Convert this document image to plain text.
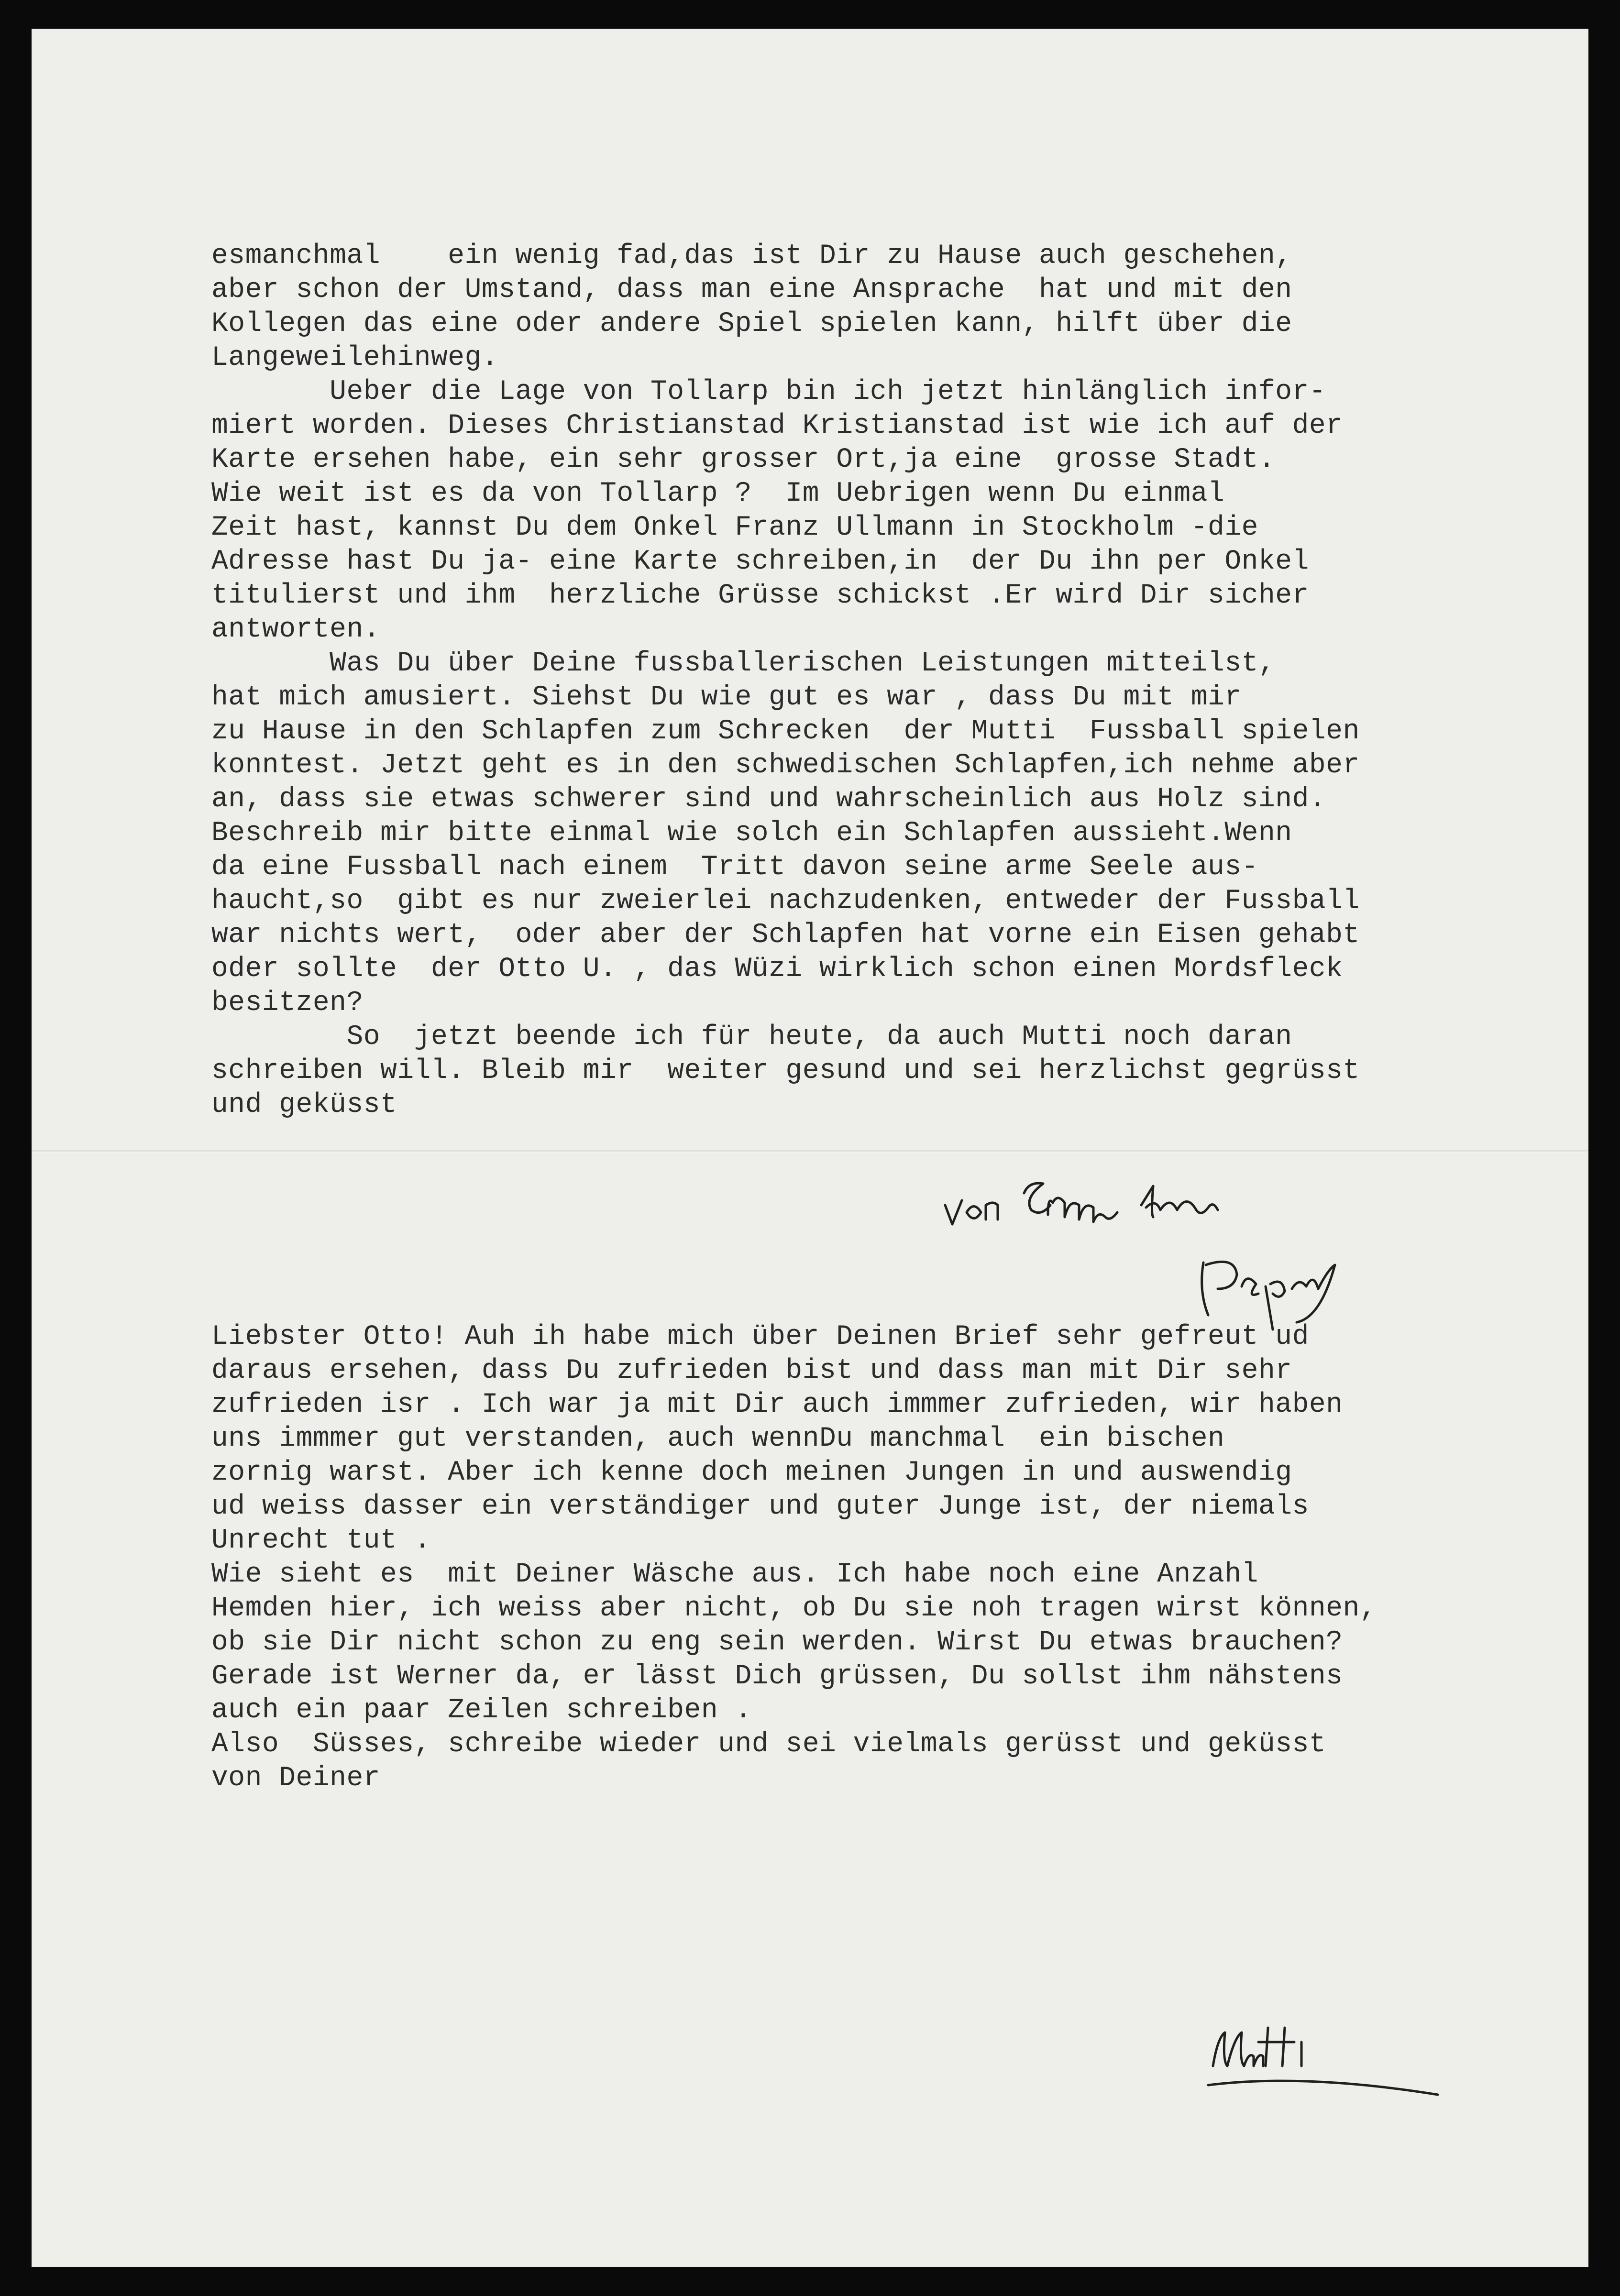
esmanchmal    ein wenig fad,das ist Dir zu Hause auch geschehen,
aber schon der Umstand, dass man eine Ansprache  hat und mit den
Kollegen das eine oder andere Spiel spielen kann, hilft über die
Langeweilehinweg.
Ueber die Lage von Tollarp bin ich jetzt hinlänglich infor-
miert worden. Dieses Christianstad Kristianstad ist wie ich auf der
Karte ersehen habe, ein sehr grosser Ort,ja eine  grosse Stadt.
Wie weit ist es da von Tollarp ?  Im Uebrigen wenn Du einmal
Zeit hast, kannst Du dem Onkel Franz Ullmann in Stockholm -die
Adresse hast Du ja- eine Karte schreiben,in  der Du ihn per Onkel
titulierst und ihm  herzliche Grüsse schickst .Er wird Dir sicher
antworten.
Was Du über Deine fussballerischen Leistungen mitteilst,
hat mich amusiert. Siehst Du wie gut es war , dass Du mit mir
zu Hause in den Schlapfen zum Schrecken  der Mutti  Fussball spielen
konntest. Jetzt geht es in den schwedischen Schlapfen,ich nehme aber
an, dass sie etwas schwerer sind und wahrscheinlich aus Holz sind.
Beschreib mir bitte einmal wie solch ein Schlapfen aussieht.Wenn
da eine Fussball nach einem  Tritt davon seine arme Seele aus-
haucht,so  gibt es nur zweierlei nachzudenken, entweder der Fussball
war nichts wert,  oder aber der Schlapfen hat vorne ein Eisen gehabt
oder sollte  der Otto U. , das Wüzi wirklich schon einen Mordsfleck
besitzen?
So  jetzt beende ich für heute, da auch Mutti noch daran
schreiben will. Bleib mir  weiter gesund und sei herzlichst gegrüsst
und geküsst
Liebster Otto! Auh ih habe mich über Deinen Brief sehr gefreut ud
daraus ersehen, dass Du zufrieden bist und dass man mit Dir sehr
zufrieden isr . Ich war ja mit Dir auch immmer zufrieden, wir haben
uns immmer gut verstanden, auch wennDu manchmal  ein bischen
zornig warst. Aber ich kenne doch meinen Jungen in und auswendig
ud weiss dasser ein verständiger und guter Junge ist, der niemals
Unrecht tut .
Wie sieht es  mit Deiner Wäsche aus. Ich habe noch eine Anzahl
Hemden hier, ich weiss aber nicht, ob Du sie noh tragen wirst können,
ob sie Dir nicht schon zu eng sein werden. Wirst Du etwas brauchen?
Gerade ist Werner da, er lässt Dich grüssen, Du sollst ihm nähstens
auch ein paar Zeilen schreiben .
Also  Süsses, schreibe wieder und sei vielmals gerüsst und geküsst
von Deiner
